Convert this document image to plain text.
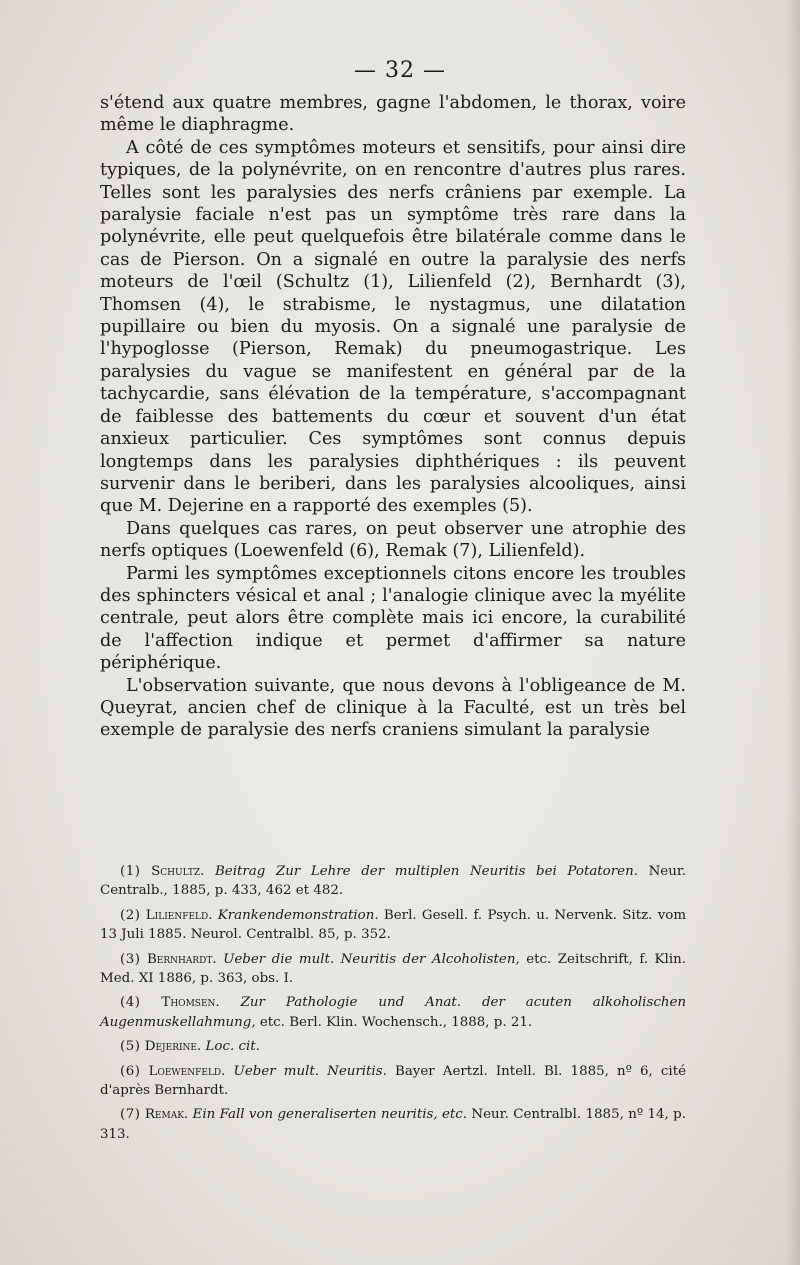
— 32 —

s'étend aux quatre membres, gagne l'abdomen, le thorax, voire même le diaphragme.

A côté de ces symptômes moteurs et sensitifs, pour ainsi dire typiques, de la polynévrite, on en rencontre d'autres plus rares. Telles sont les paralysies des nerfs crâniens par exemple. La paralysie faciale n'est pas un symptôme très rare dans la polynévrite, elle peut quelquefois être bilatérale comme dans le cas de Pierson. On a signalé en outre la paralysie des nerfs moteurs de l'œil (Schultz (1), Lilienfeld (2), Bernhardt (3), Thomsen (4), le strabisme, le nystagmus, une dilatation pupillaire ou bien du myosis. On a signalé une paralysie de l'hypoglosse (Pierson, Remak) du pneumogastrique. Les paralysies du vague se manifestent en général par de la tachycardie, sans élévation de la température, s'accompagnant de faiblesse des battements du cœur et souvent d'un état anxieux particulier. Ces symptômes sont connus depuis longtemps dans les paralysies diphthériques : ils peuvent survenir dans le beriberi, dans les paralysies alcooliques, ainsi que M. Dejerine en a rapporté des exemples (5).

Dans quelques cas rares, on peut observer une atrophie des nerfs optiques (Loewenfeld (6), Remak (7), Lilienfeld).

Parmi les symptômes exceptionnels citons encore les troubles des sphincters vésical et anal ; l'analogie clinique avec la myélite centrale, peut alors être complète mais ici encore, la curabilité de l'affection indique et permet d'affirmer sa nature périphérique.

L'observation suivante, que nous devons à l'obligeance de M. Queyrat, ancien chef de clinique à la Faculté, est un très bel exemple de paralysie des nerfs craniens simulant la paralysie

(1) Schultz. Beitrag Zur Lehre der multiplen Neuritis bei Potatoren. Neur. Centralb., 1885, p. 433, 462 et 482.

(2) Lilienfeld. Krankendemonstration. Berl. Gesell. f. Psych. u. Nervenk. Sitz. vom 13 Juli 1885. Neurol. Centralbl. 85, p. 352.

(3) Bernhardt. Ueber die mult. Neuritis der Alcoholisten, etc. Zeitschrift, f. Klin. Med. XI 1886, p. 363, obs. I.

(4) Thomsen. Zur Pathologie und Anat. der acuten alkoholischen Augenmuskellahmung, etc. Berl. Klin. Wochensch., 1888, p. 21.

(5) Dejerine. Loc. cit.

(6) Loewenfeld. Ueber mult. Neuritis. Bayer Aertzl. Intell. Bl. 1885, nº 6, cité d'après Bernhardt.

(7) Remak. Ein Fall von generaliserten neuritis, etc. Neur. Centralbl. 1885, nº 14, p. 313.
